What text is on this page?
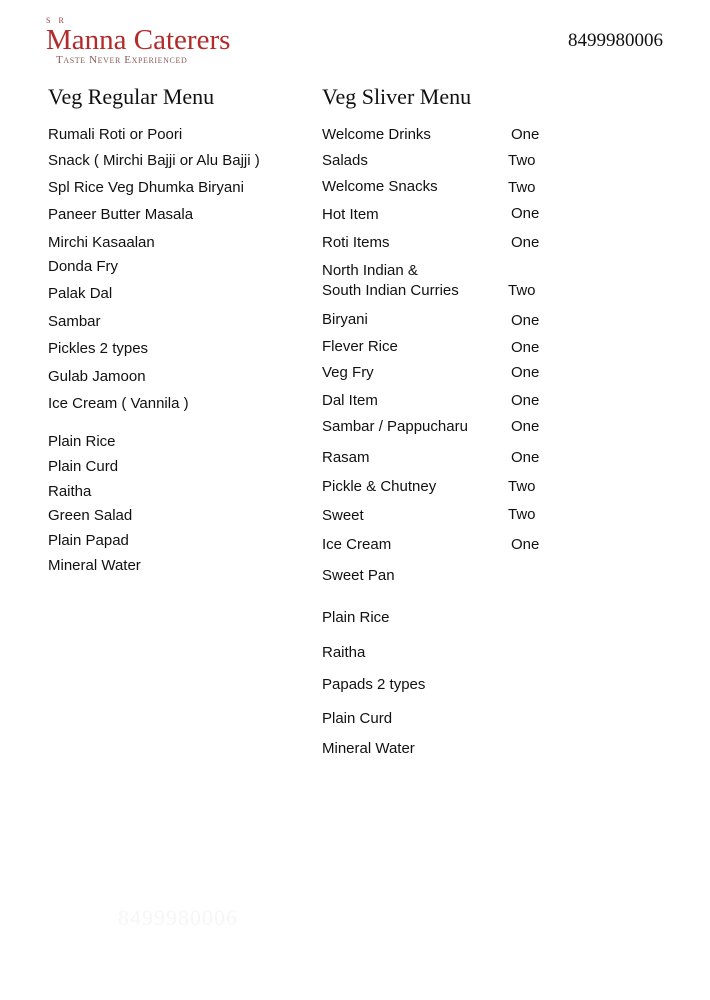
S R
Manna Caterers
Taste Never Experienced
8499980006
Veg Regular Menu	Veg Sliver Menu
Rumali Roti or Poori
Snack ( Mirchi Bajji or Alu Bajji )
Spl Rice Veg Dhumka Biryani
Paneer Butter Masala
Mirchi Kasaalan
Donda Fry
Palak Dal
Sambar
Pickles 2 types
Gulab Jamoon
Ice Cream ( Vannila )
Plain Rice
Plain Curd
Raitha
Green Salad
Plain Papad
Mineral Water
Welcome Drinks	One
Salads	Two
Welcome Snacks	Two
Hot Item	One
Roti Items	One
North Indian &
South Indian Curries	Two
Biryani	One
Flever Rice	One
Veg Fry	One
Dal Item	One
Sambar / Pappucharu	One
Rasam	One
Pickle & Chutney	Two
Sweet	Two
Ice Cream	One
Sweet Pan
Plain Rice
Raitha
Papads 2 types
Plain Curd
Mineral Water
8499980006
